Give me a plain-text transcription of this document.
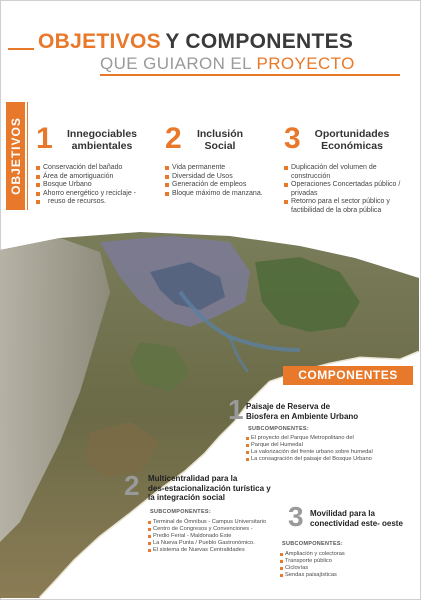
OBJETIVOS Y COMPONENTES
QUE GUIARON EL PROYECTO
OBJETIVOS 1	Innegociables
ambientales
Conservación del bañado
Área de amortiguación
Bosque Urbano
Ahorro energético y reciclaje -
reuso de recursos.
2	Inclusión
Social
Vida permanente
Diversidad de Usos
Generación de empleos
Bloque máximo de manzana.
3	Oportunidades
Económicas
Duplicación del volumen de construcción
Operaciones Concertadas público / privadas
Retorno para el sector público y factibilidad de la obra pública
COMPONENTES
1 Paisaje de Reserva de
Biosfera en Ambiente Urbano
SUBCOMPONENTES:
El proyecto del Parque Metropolitano del
Parque del Humedal
La valorización del frente urbano sobre humedal
La consagración del paisaje del Bosque Urbano
2 Multicentralidad para la
des-estacionalización turística y
la integración social
SUBCOMPONENTES:
Terminal de Ómnibus - Campus Universitario
Centro de Congresos y Convenciones -
Predio Ferial - Maldonado Este
La Nueva Punta / Pueblo Gastronómico.
El sistema de Nuevas Centralidades
3 Movilidad para la
conectividad este- oeste
SUBCOMPONENTES:
Ampliación y colectoras
Transporte público
Ciclovías
Sendas paisajísticas
